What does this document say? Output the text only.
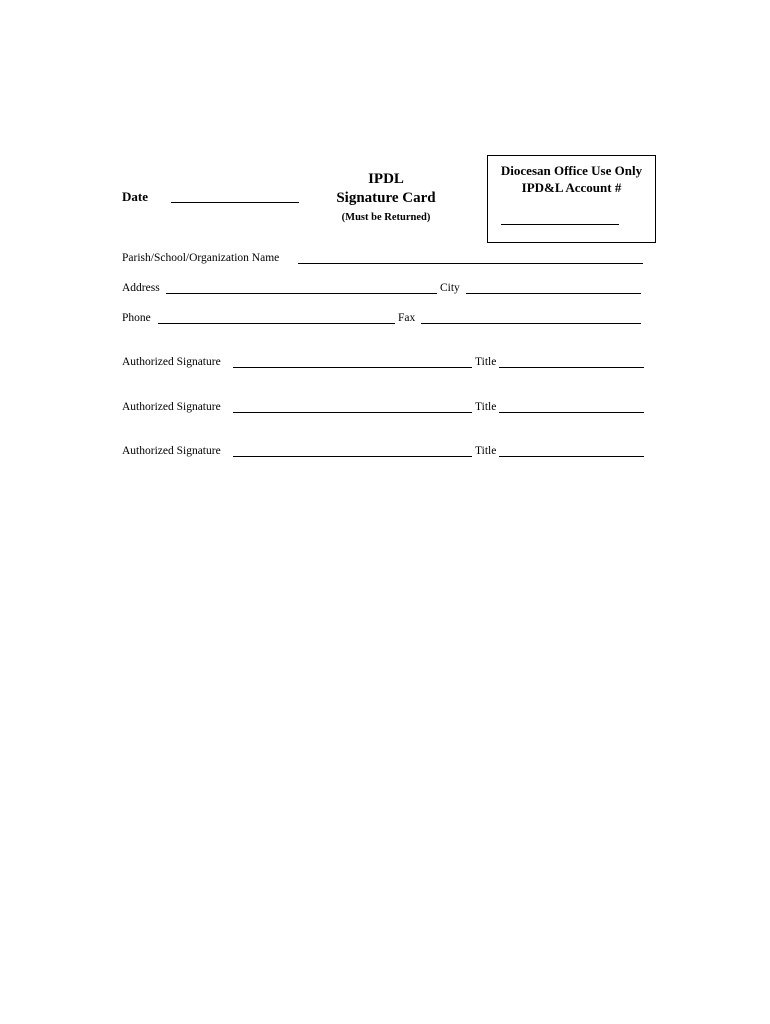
Date
IPDL
Signature Card
(Must be Returned)
Diocesan Office Use Only
IPD&L Account #
Parish/School/Organization Name
Address	City
Phone	Fax
Authorized Signature	Title
Authorized Signature	Title
Authorized Signature	Title
